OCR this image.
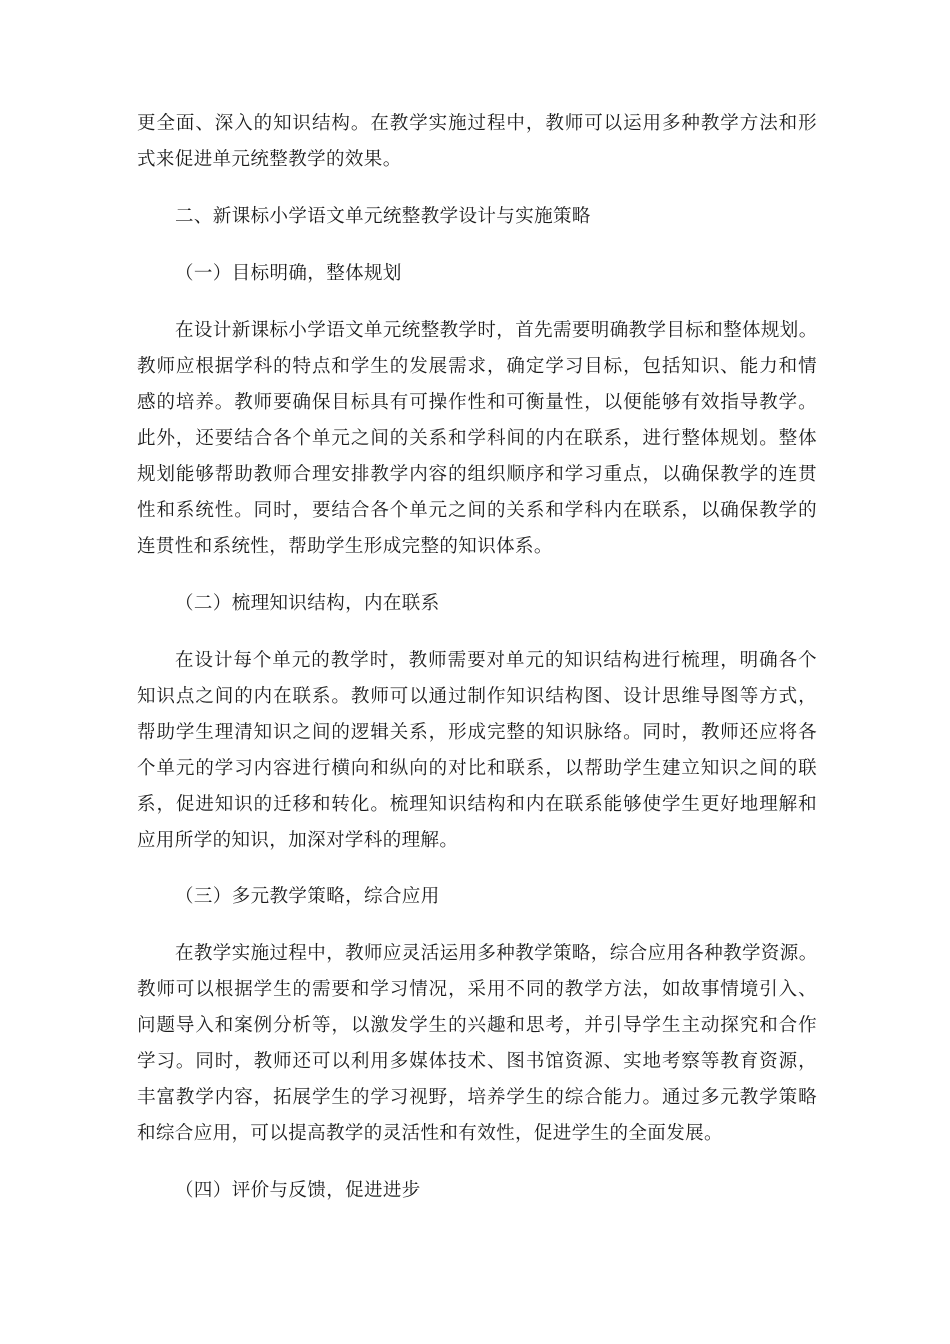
更全面、深入的知识结构。在教学实施过程中，教师可以运用多种教学方法和形
式来促进单元统整教学的效果。
二、新课标小学语文单元统整教学设计与实施策略
（一）目标明确，整体规划
在设计新课标小学语文单元统整教学时，首先需要明确教学目标和整体规划。
教师应根据学科的特点和学生的发展需求，确定学习目标，包括知识、能力和情
感的培养。教师要确保目标具有可操作性和可衡量性，以便能够有效指导教学。
此外，还要结合各个单元之间的关系和学科间的内在联系，进行整体规划。整体
规划能够帮助教师合理安排教学内容的组织顺序和学习重点，以确保教学的连贯
性和系统性。同时，要结合各个单元之间的关系和学科内在联系，以确保教学的
连贯性和系统性，帮助学生形成完整的知识体系。
（二）梳理知识结构，内在联系
在设计每个单元的教学时，教师需要对单元的知识结构进行梳理，明确各个
知识点之间的内在联系。教师可以通过制作知识结构图、设计思维导图等方式，
帮助学生理清知识之间的逻辑关系，形成完整的知识脉络。同时，教师还应将各
个单元的学习内容进行横向和纵向的对比和联系，以帮助学生建立知识之间的联
系，促进知识的迁移和转化。梳理知识结构和内在联系能够使学生更好地理解和
应用所学的知识，加深对学科的理解。
（三）多元教学策略，综合应用
在教学实施过程中，教师应灵活运用多种教学策略，综合应用各种教学资源。
教师可以根据学生的需要和学习情况，采用不同的教学方法，如故事情境引入、
问题导入和案例分析等，以激发学生的兴趣和思考，并引导学生主动探究和合作
学习。同时，教师还可以利用多媒体技术、图书馆资源、实地考察等教育资源，
丰富教学内容，拓展学生的学习视野，培养学生的综合能力。通过多元教学策略
和综合应用，可以提高教学的灵活性和有效性，促进学生的全面发展。
（四）评价与反馈，促进进步
